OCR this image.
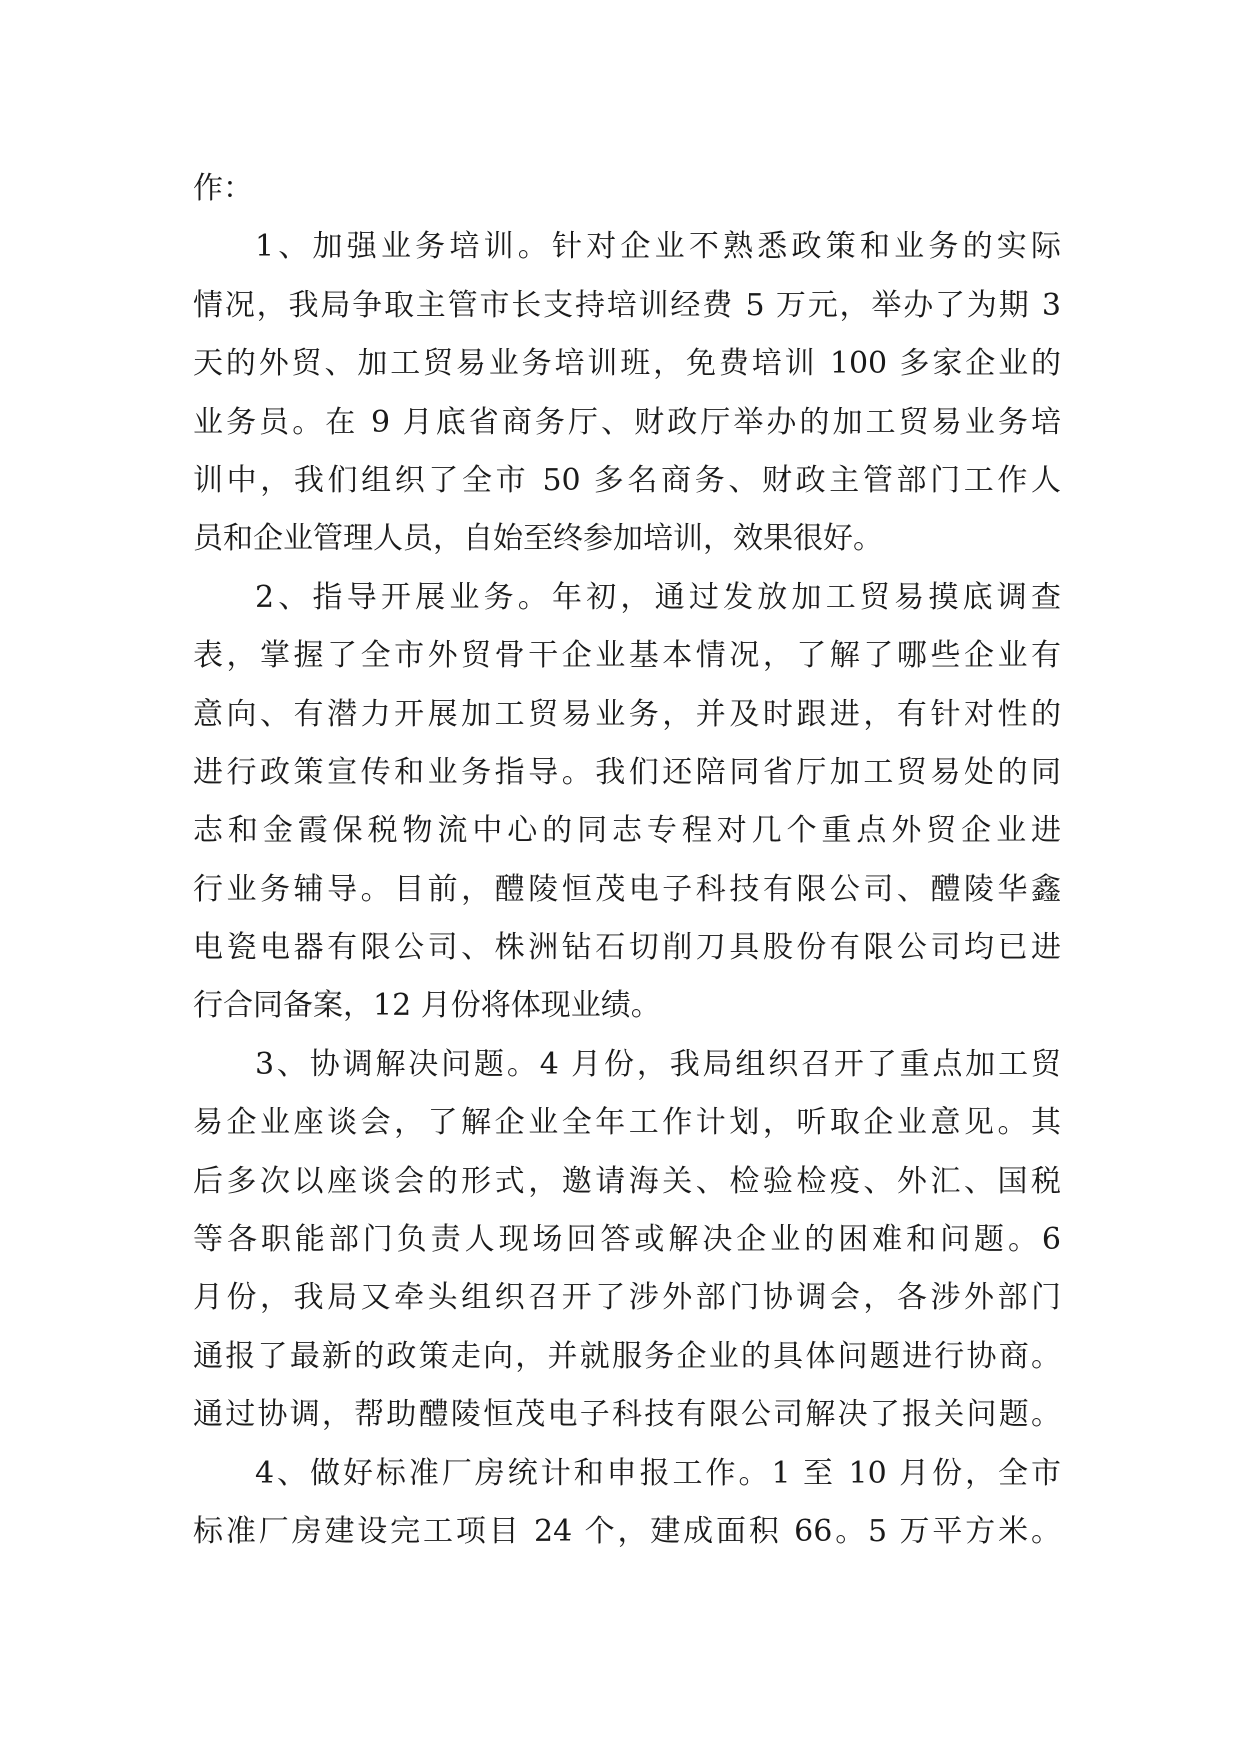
作：
1、加强业务培训。针对企业不熟悉政策和业务的实际
情况，我局争取主管市长支持培训经费 5 万元，举办了为期 3
天的外贸、加工贸易业务培训班，免费培训 100 多家企业的
业务员。在 9 月底省商务厅、财政厅举办的加工贸易业务培
训中，我们组织了全市 50 多名商务、财政主管部门工作人
员和企业管理人员，自始至终参加培训，效果很好。
2、指导开展业务。年初，通过发放加工贸易摸底调查
表，掌握了全市外贸骨干企业基本情况，了解了哪些企业有
意向、有潜力开展加工贸易业务，并及时跟进，有针对性的
进行政策宣传和业务指导。我们还陪同省厅加工贸易处的同
志和金霞保税物流中心的同志专程对几个重点外贸企业进
行业务辅导。目前，醴陵恒茂电子科技有限公司、醴陵华鑫
电瓷电器有限公司、株洲钻石切削刀具股份有限公司均已进
行合同备案，12 月份将体现业绩。
3、协调解决问题。4 月份，我局组织召开了重点加工贸
易企业座谈会，了解企业全年工作计划，听取企业意见。其
后多次以座谈会的形式，邀请海关、检验检疫、外汇、国税
等各职能部门负责人现场回答或解决企业的困难和问题。6
月份，我局又牵头组织召开了涉外部门协调会，各涉外部门
通报了最新的政策走向，并就服务企业的具体问题进行协商。
通过协调，帮助醴陵恒茂电子科技有限公司解决了报关问题。
4、做好标准厂房统计和申报工作。1 至 10 月份，全市
标准厂房建设完工项目 24 个，建成面积 66。5 万平方米。
